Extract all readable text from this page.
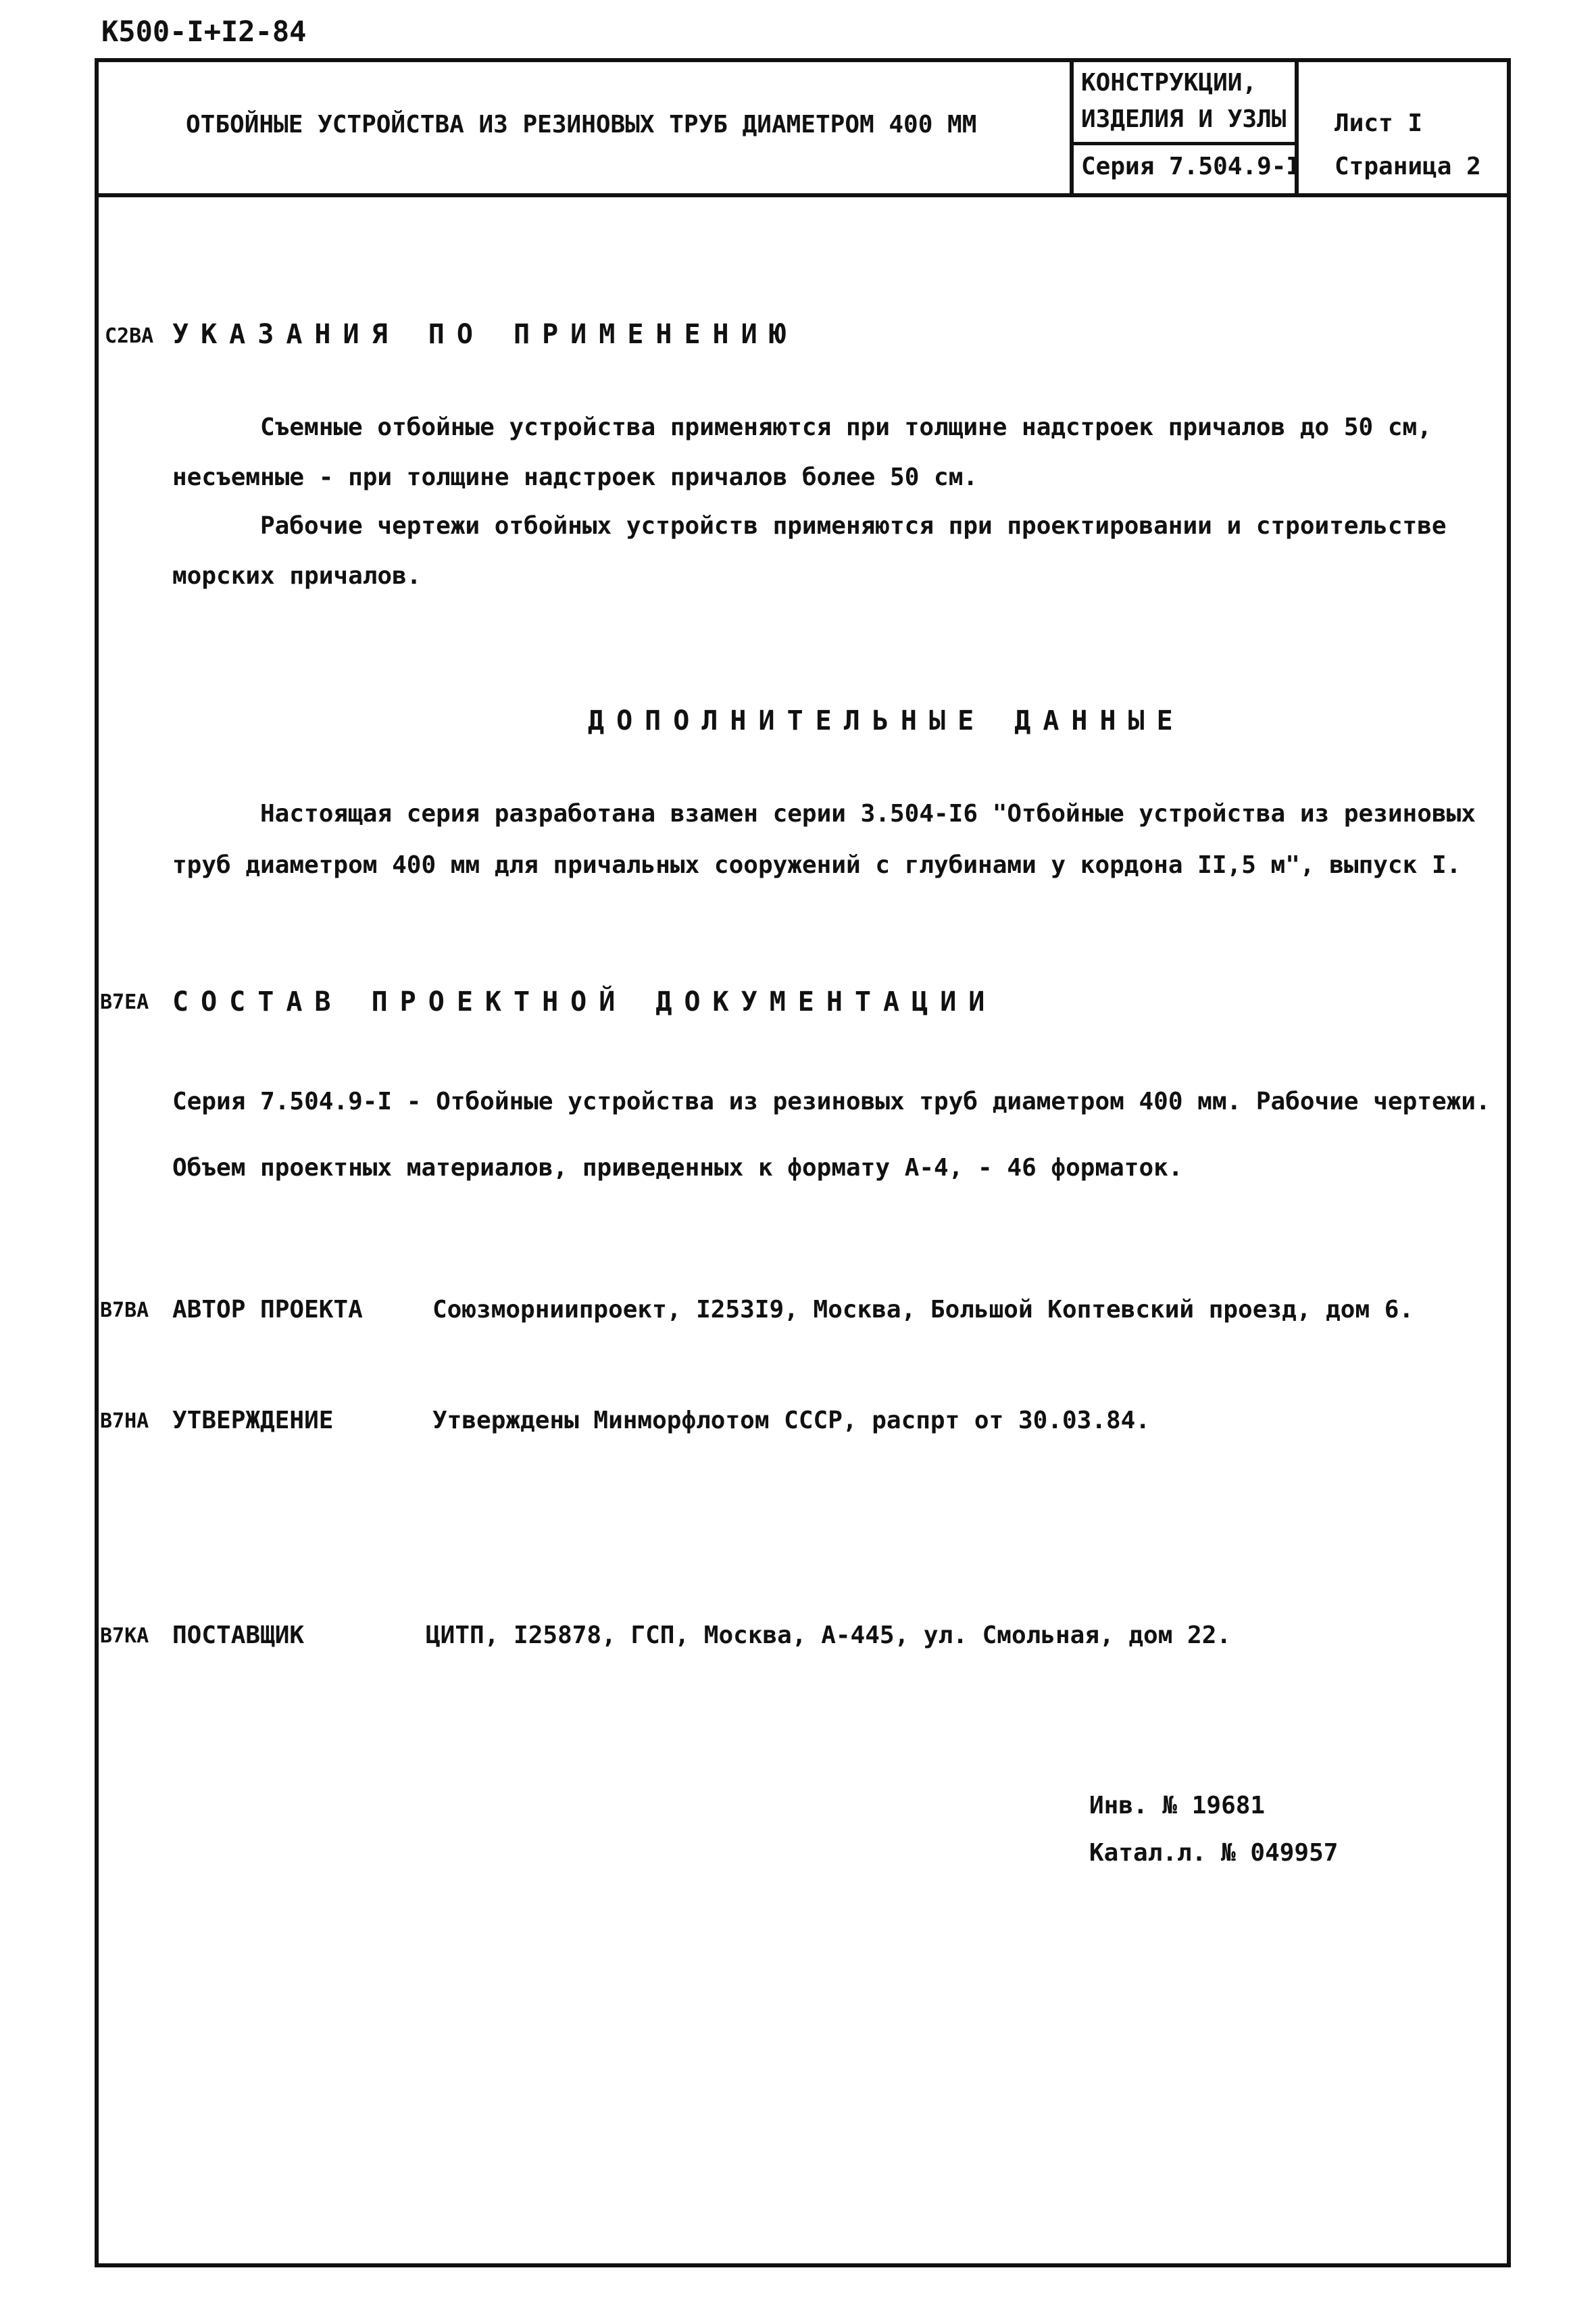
К500-I+I2-84
ОТБОЙНЫЕ УСТРОЙСТВА ИЗ РЕЗИНОВЫХ ТРУБ ДИАМЕТРОМ 400 ММ
КОНСТРУКЦИИ,
ИЗДЕЛИЯ И УЗЛЫ
Серия 7.504.9-I
Лист I
Страница 2
C2BA УКАЗАНИЯ ПО ПРИМЕНЕНИЮ
Съемные отбойные устройства применяются при толщине надстроек причалов до 50 см,
несъемные - при толщине надстроек причалов более 50 см.
Рабочие чертежи отбойных устройств применяются при проектировании и строительстве
морских причалов.
ДОПОЛНИТЕЛЬНЫЕ ДАННЫЕ
Настоящая серия разработана взамен серии 3.504-I6 "Отбойные устройства из резиновых
труб диаметром 400 мм для причальных сооружений с глубинами у кордона II,5 м", выпуск I.
B7EA СОСТАВ ПРОЕКТНОЙ ДОКУМЕНТАЦИИ
Серия 7.504.9-I - Отбойные устройства из резиновых труб диаметром 400 мм. Рабочие чертежи.
Объем проектных материалов, приведенных к формату А-4, - 46 форматок.
B7BA АВТОР ПРОЕКТА	Союзморниипроект, I253I9, Москва, Большой Коптевский проезд, дом 6.
B7HA УТВЕРЖДЕНИЕ	Утверждены Минморфлотом СССР, распрт от 30.03.84.
B7KA ПОСТАВЩИК	ЦИТП, I25878, ГСП, Москва, А-445, ул. Смольная, дом 22.
Инв. № 19681
Катал.л. № 049957
